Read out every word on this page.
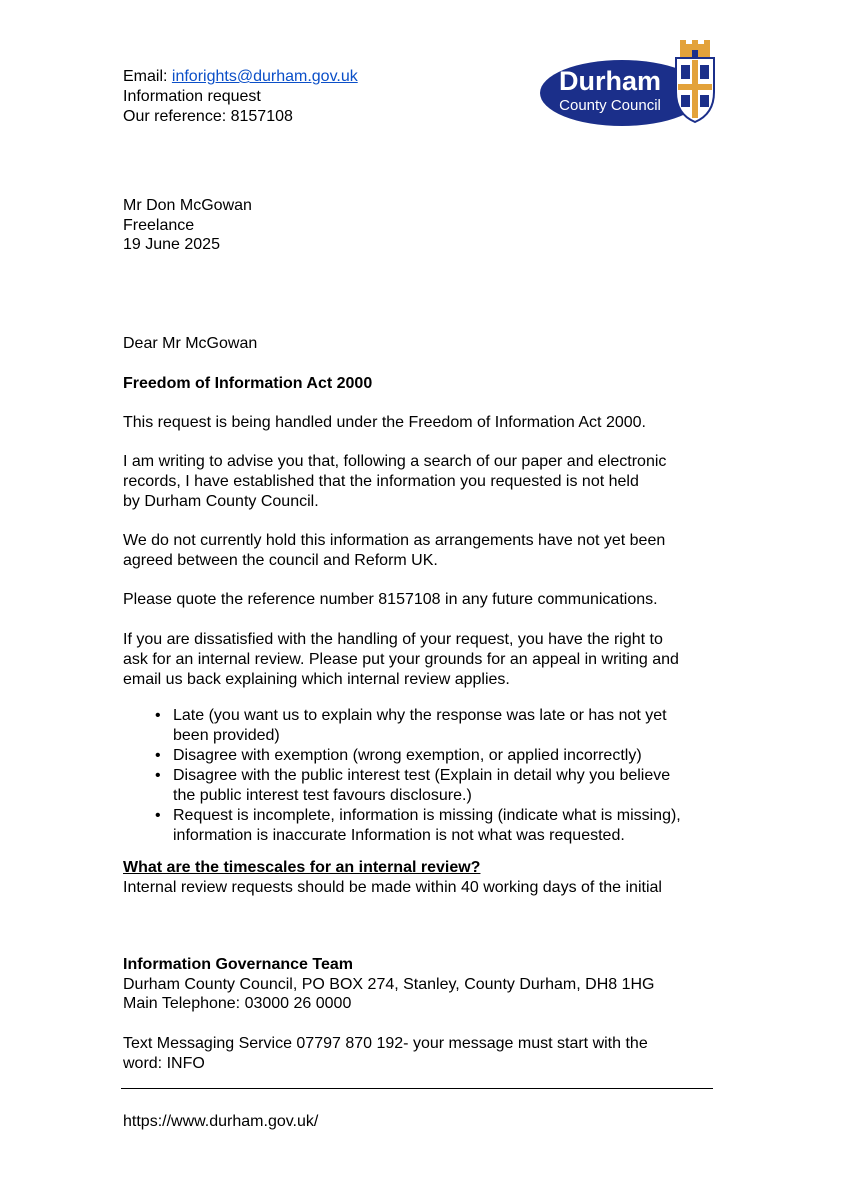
Email: inforights@durham.gov.uk
Information request
Our reference: 8157108
Durham
County Council
Mr Don McGowan
Freelance
19 June 2025
Dear Mr McGowan
Freedom of Information Act 2000
This request is being handled under the Freedom of Information Act 2000.
I am writing to advise you that, following a search of our paper and electronic
records, I have established that the information you requested is not held
by Durham County Council.
We do not currently hold this information as arrangements have not yet been
agreed between the council and Reform UK.
Please quote the reference number 8157108 in any future communications.
If you are dissatisfied with the handling of your request, you have the right to
ask for an internal review. Please put your grounds for an appeal in writing and
email us back explaining which internal review applies.
• Late (you want us to explain why the response was late or has not yet
been provided)
• Disagree with exemption (wrong exemption, or applied incorrectly)
• Disagree with the public interest test (Explain in detail why you believe
the public interest test favours disclosure.)
• Request is incomplete, information is missing (indicate what is missing),
information is inaccurate Information is not what was requested.
What are the timescales for an internal review?
Internal review requests should be made within 40 working days of the initial
Information Governance Team
Durham County Council, PO BOX 274, Stanley, County Durham, DH8 1HG
Main Telephone: 03000 26 0000
Text Messaging Service 07797 870 192- your message must start with the
word: INFO
https://www.durham.gov.uk/
